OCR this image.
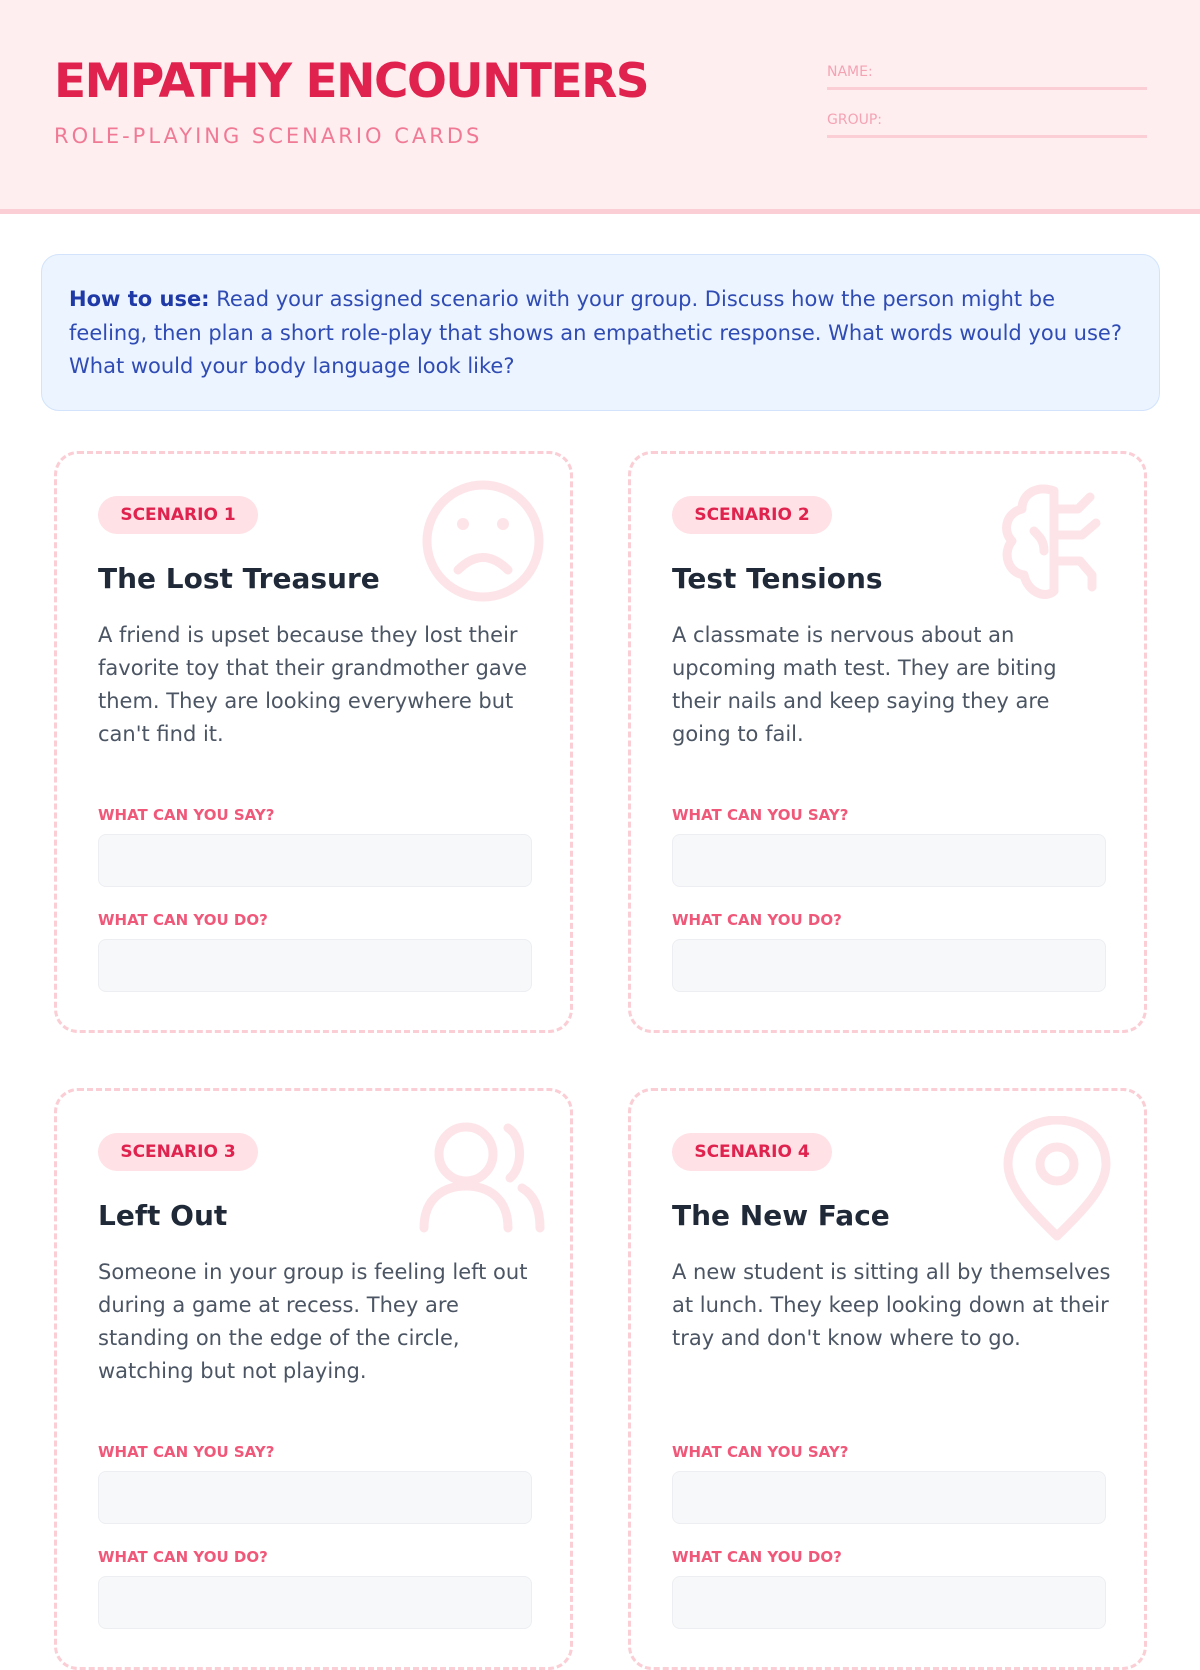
EMPATHY ENCOUNTERS
ROLE-PLAYING SCENARIO CARDS
NAME:
GROUP:
How to use: Read your assigned scenario with your group. Discuss how the person might be feeling, then plan a short role-play that shows an empathetic response. What words would you use? What would your body language look like?
SCENARIO 1
The Lost Treasure
A friend is upset because they lost their favorite toy that their grandmother gave them. They are looking everywhere but can't find it.
WHAT CAN YOU SAY?
WHAT CAN YOU DO?
SCENARIO 2
Test Tensions
A classmate is nervous about an upcoming math test. They are biting their nails and keep saying they are going to fail.
WHAT CAN YOU SAY?
WHAT CAN YOU DO?
SCENARIO 3
Left Out
Someone in your group is feeling left out during a game at recess. They are standing on the edge of the circle, watching but not playing.
WHAT CAN YOU SAY?
WHAT CAN YOU DO?
SCENARIO 4
The New Face
A new student is sitting all by themselves at lunch. They keep looking down at their tray and don't know where to go.
WHAT CAN YOU SAY?
WHAT CAN YOU DO?
